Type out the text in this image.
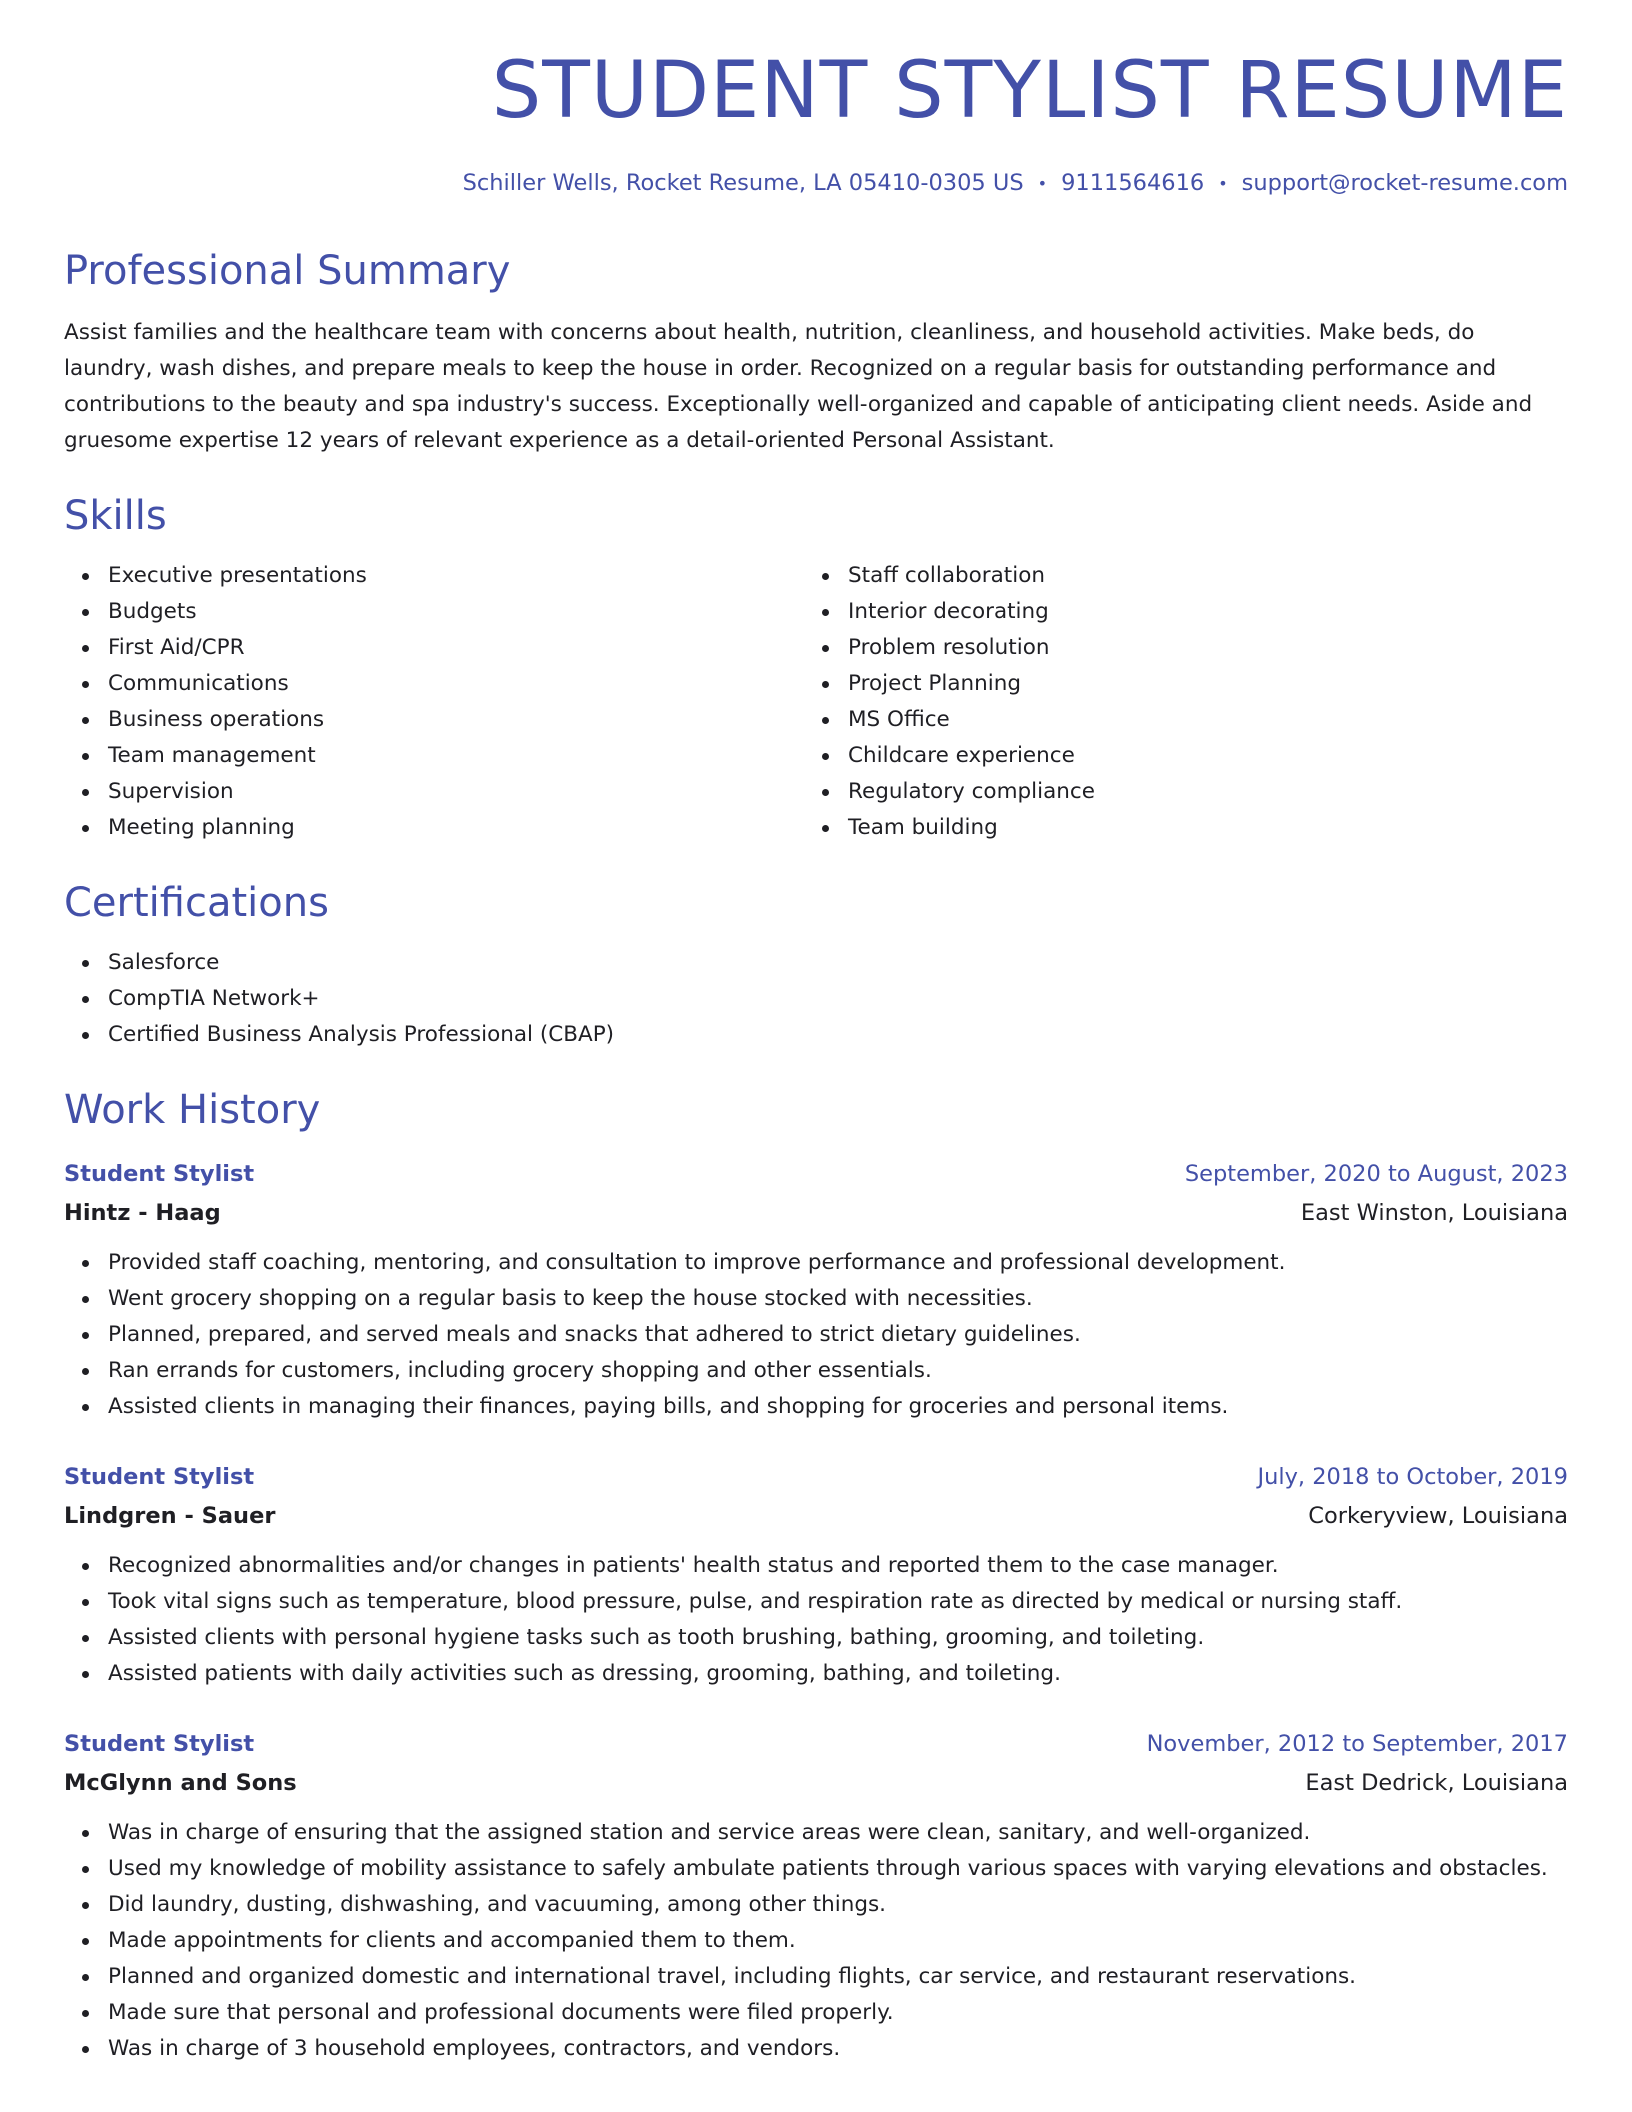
STUDENT STYLIST RESUME
Schiller Wells, Rocket Resume, LA 05410-0305 US • 9111564616 • support@rocket-resume.com
Professional Summary
Assist families and the healthcare team with concerns about health, nutrition, cleanliness, and household activities. Make beds, do laundry, wash dishes, and prepare meals to keep the house in order. Recognized on a regular basis for outstanding performance and contributions to the beauty and spa industry's success. Exceptionally well-organized and capable of anticipating client needs. Aside and gruesome expertise 12 years of relevant experience as a detail-oriented Personal Assistant.
Skills
Executive presentations
Budgets
First Aid/CPR
Communications
Business operations
Team management
Supervision
Meeting planning
Staff collaboration
Interior decorating
Problem resolution
Project Planning
MS Office
Childcare experience
Regulatory compliance
Team building
Certifications
Salesforce
CompTIA Network+
Certified Business Analysis Professional (CBAP)
Work History
Student Stylist	September, 2020 to August, 2023
Hintz - Haag	East Winston, Louisiana
Provided staff coaching, mentoring, and consultation to improve performance and professional development.
Went grocery shopping on a regular basis to keep the house stocked with necessities.
Planned, prepared, and served meals and snacks that adhered to strict dietary guidelines.
Ran errands for customers, including grocery shopping and other essentials.
Assisted clients in managing their finances, paying bills, and shopping for groceries and personal items.
Student Stylist	July, 2018 to October, 2019
Lindgren - Sauer	Corkeryview, Louisiana
Recognized abnormalities and/or changes in patients' health status and reported them to the case manager.
Took vital signs such as temperature, blood pressure, pulse, and respiration rate as directed by medical or nursing staff.
Assisted clients with personal hygiene tasks such as tooth brushing, bathing, grooming, and toileting.
Assisted patients with daily activities such as dressing, grooming, bathing, and toileting.
Student Stylist	November, 2012 to September, 2017
McGlynn and Sons	East Dedrick, Louisiana
Was in charge of ensuring that the assigned station and service areas were clean, sanitary, and well-organized.
Used my knowledge of mobility assistance to safely ambulate patients through various spaces with varying elevations and obstacles.
Did laundry, dusting, dishwashing, and vacuuming, among other things.
Made appointments for clients and accompanied them to them.
Planned and organized domestic and international travel, including flights, car service, and restaurant reservations.
Made sure that personal and professional documents were filed properly.
Was in charge of 3 household employees, contractors, and vendors.
